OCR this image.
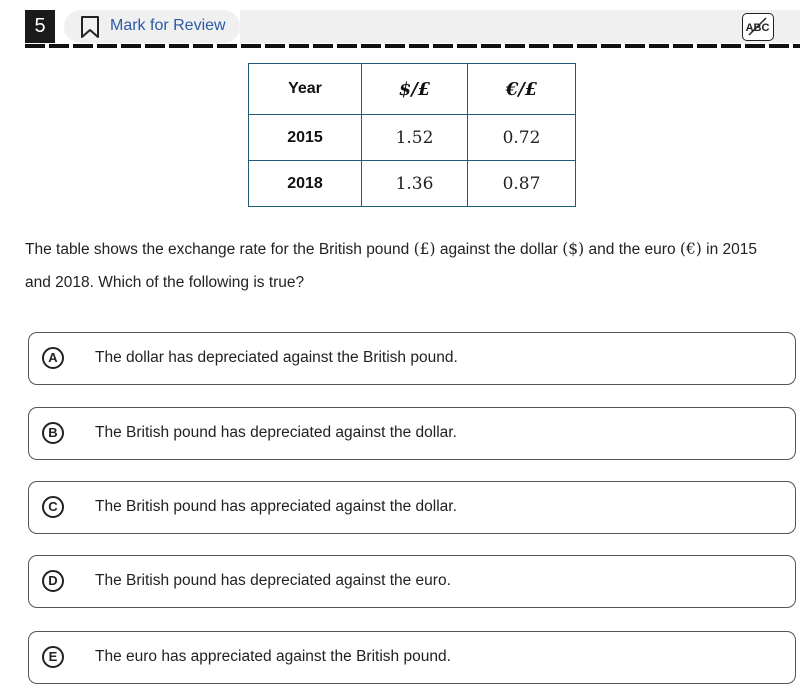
5	Mark for Review	ABC
Year	$/£	€/£
2015	1.52	0.72
2018	1.36	0.87
The table shows the exchange rate for the British pound (£) against the dollar ($) and the euro (€) in 2015 and 2018. Which of the following is true?
A	The dollar has depreciated against the British pound.
B	The British pound has depreciated against the dollar.
C	The British pound has appreciated against the dollar.
D	The British pound has depreciated against the euro.
E	The euro has appreciated against the British pound.
